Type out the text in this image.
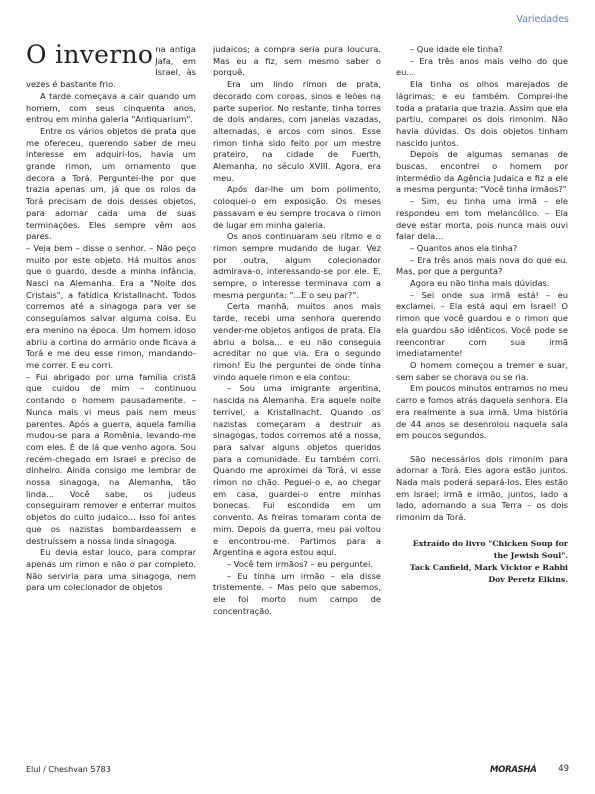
Variedades

O inverno na antiga Jafa, em Israel, às vezes é bastante frio.

A tarde começava a cair quando um homem, com seus cinquenta anos, entrou em minha galeria "Antiquarium".

Entre os vários objetos de prata que me ofereceu, querendo saber de meu interesse em adquiri-los, havia um grande rimon, um ornamento que decora a Torá. Perguntei-lhe por que trazia apenas um, já que os rolos da Torá precisam de dois desses objetos, para adornar cada uma de suas terminações. Eles sempre vêm aos pares.

– Veja bem – disse o senhor. – Não peço muito por este objeto. Há muitos anos que o guardo, desde a minha infância. Nasci na Alemanha. Era a "Noite dos Cristais", a fatídica Kristallnacht. Todos corremos até a sinagoga para ver se conseguíamos salvar alguma coisa. Eu era menino na época. Um homem idoso abriu a cortina do armário onde ficava a Torá e me deu esse rimon, mandando-me correr. E eu corri.

– Fui abrigado por uma família cristã que cuidou de mim – continuou contando o homem pausadamente. – Nunca mais vi meus pais nem meus parentes. Após a guerra, aquela família mudou-se para a Romênia, levando-me com eles. É de lá que venho agora. Sou recém-chegado em Israel e preciso de dinheiro. Ainda consigo me lembrar de nossa sinagoga, na Alemanha, tão linda... Você sabe, os judeus conseguiram remover e enterrar muitos objetos do culto judaico... Isso foi antes que os nazistas bombardeassem e destruíssem a nossa linda sinagoga.

Eu devia estar louco, para comprar apenas um rimon e não o par completo. Não serviria para uma sinagoga, nem para um colecionador de objetos

judaicos; a compra seria pura loucura. Mas eu a fiz, sem mesmo saber o porquê.

Era um lindo rimon de prata, decorado com coroas, sinos e leões na parte superior. No restante, tinha torres de dois andares, com janelas vazadas, alternadas, e arcos com sinos. Esse rimon tinha sido feito por um mestre prateiro, na cidade de Fuerth, Alemanha, no século XVIII. Agora, era meu.

Após dar-lhe um bom polimento, coloquei-o em exposição. Os meses passavam e eu sempre trocava o rimon de lugar em minha galeria.

Os anos continuaram seu ritmo e o rimon sempre mudando de lugar. Vez por outra, algum colecionador admirava-o, interessando-se por ele. E, sempre, o interesse terminava com a mesma pergunta: "...E o seu par?".

Certa manhã, muitos anos mais tarde, recebi uma senhora querendo vender-me objetos antigos de prata. Ela abriu a bolsa... e eu não conseguia acreditar no que via. Era o segundo rimon! Eu lhe perguntei de onde tinha vindo aquele rimon e ela contou:

– Sou uma imigrante argentina, nascida na Alemanha. Era aquele noite terrível, a Kristallnacht. Quando os nazistas começaram a destruir as sinagogas, todos corremos até a nossa, para salvar alguns objetos queridos para a comunidade. Eu também corri. Quando me aproximei da Torá, vi esse rimon no chão. Peguei-o e, ao chegar em casa, guardei-o entre minhas bonecas. Fui escondida em um convento. As freiras tomaram conta de mim. Depois da guerra, meu pai voltou e encontrou-me. Partimos para a Argentina e agora estou aqui.

– Você tem irmãos? – eu perguntei.

– Eu tinha um irmão – ela disse tristemente. – Mas pelo que sabemos, ele foi morto num campo de concentração.

– Que idade ele tinha?

– Era três anos mais velho do que eu...

Ela tinha os olhos marejados de lágrimas; e eu também. Comprei-lhe toda a prataria que trazia. Assim que ela partiu, comparei os dois rimonim. Não havia dúvidas. Os dois objetos tinham nascido juntos.

Depois de algumas semanas de buscas, encontrei o homem por intermédio da Agência Judaica e fiz a ele a mesma pergunta: "Você tinha irmãos?"

– Sim, eu tinha uma irmã – ele respondeu em tom melancólico. – Ela deve estar morta, pois nunca mais ouvi falar dela...

– Quantos anos ela tinha?

– Era três anos mais nova do que eu. Mas, por que a pergunta?

Agora eu não tinha mais dúvidas.

– Sei onde sua irmã está! – eu exclamei. – Ela está aqui em Israel! O rimon que você guardou e o rimon que ela guardou são idênticos. Você pode se reencontrar com sua irmã imediatamente!

O homem começou a tremer e suar, sem saber se chorava ou se ria.

Em poucos minutos entramos no meu carro e fomos atrás daquela senhora. Ela era realmente a sua irmã. Uma história de 44 anos se desenrolou naquela sala em poucos segundos.

São necessários dois rimonim para adornar a Torá. Eles agora estão juntos. Nada mais poderá separá-los. Eles estão em Israel; irmã e irmão, juntos, lado a lado, adornando a sua Terra – os dois rimonim da Torá.

Extraído do livro "Chicken Soup for the Jewish Soul".
Tack Canfield, Mark Vicktor e Rabbi Dov Peretz Elkins.
Elul / Cheshvan 5783	MORASHÁ	49
